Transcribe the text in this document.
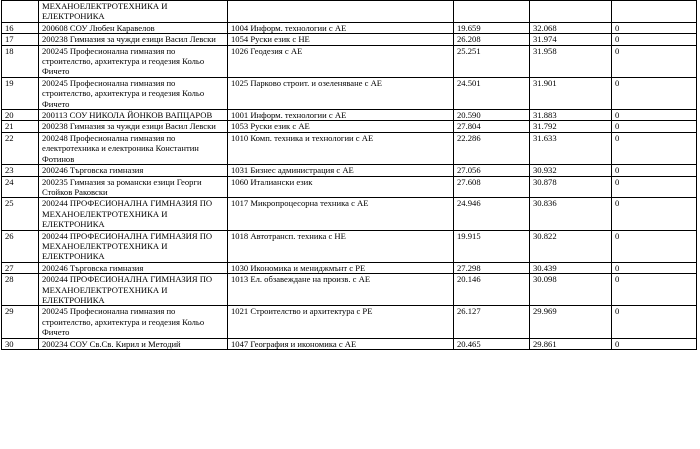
	МЕХАНОЕЛЕКТРОТЕХНИКА И ЕЛЕКТРОНИКА				
16	200608 СОУ Любен Каравелов	1004 Информ. технологии с АЕ	19.659	32.068	0
17	200238 Гимназия за чужди езици Васил Левски	1054 Руски език с НЕ	26.208	31.974	0
18	200245 Професионална гимназия по строителство, архитектура и геодезия Кольо Фичето	1026 Геодезия с АЕ	25.251	31.958	0
19	200245 Професионална гимназия по строителство, архитектура и геодезия Кольо Фичето	1025 Парково строит. и озеленяване с АЕ	24.501	31.901	0
20	200113 СОУ НИКОЛА ЙОНКОВ ВАПЦАРОВ	1001 Информ. технологии с АЕ	20.590	31.883	0
21	200238 Гимназия за чужди езици Васил Левски	1053 Руски език с АЕ	27.804	31.792	0
22	200248 Професионална гимназия по електротехника и електроника Константин Фотинов	1010 Комп. техника и технологии с АЕ	22.286	31.633	0
23	200246 Търговска гимназия	1031 Бизнес администрация с АЕ	27.056	30.932	0
24	200235 Гимназия за романски езици Георги Стойков Раковски	1060 Италиански език	27.608	30.878	0
25	200244 ПРОФЕСИОНАЛНА ГИМНАЗИЯ ПО МЕХАНОЕЛЕКТРОТЕХНИКА И ЕЛЕКТРОНИКА	1017 Микропроцесорна техника с АЕ	24.946	30.836	0
26	200244 ПРОФЕСИОНАЛНА ГИМНАЗИЯ ПО МЕХАНОЕЛЕКТРОТЕХНИКА И ЕЛЕКТРОНИКА	1018 Автотрансп. техника с НЕ	19.915	30.822	0
27	200246 Търговска гимназия	1030 Икономика и мениджмънт с РЕ	27.298	30.439	0
28	200244 ПРОФЕСИОНАЛНА ГИМНАЗИЯ ПО МЕХАНОЕЛЕКТРОТЕХНИКА И ЕЛЕКТРОНИКА	1013 Ел. обзавеждане на произв. с АЕ	20.146	30.098	0
29	200245 Професионална гимназия по строителство, архитектура и геодезия Кольо Фичето	1021 Строителство и архитектура с РЕ	26.127	29.969	0
30	200234 СОУ Св.Св. Кирил и Методий	1047 География и икономика с АЕ	20.465	29.861	0
